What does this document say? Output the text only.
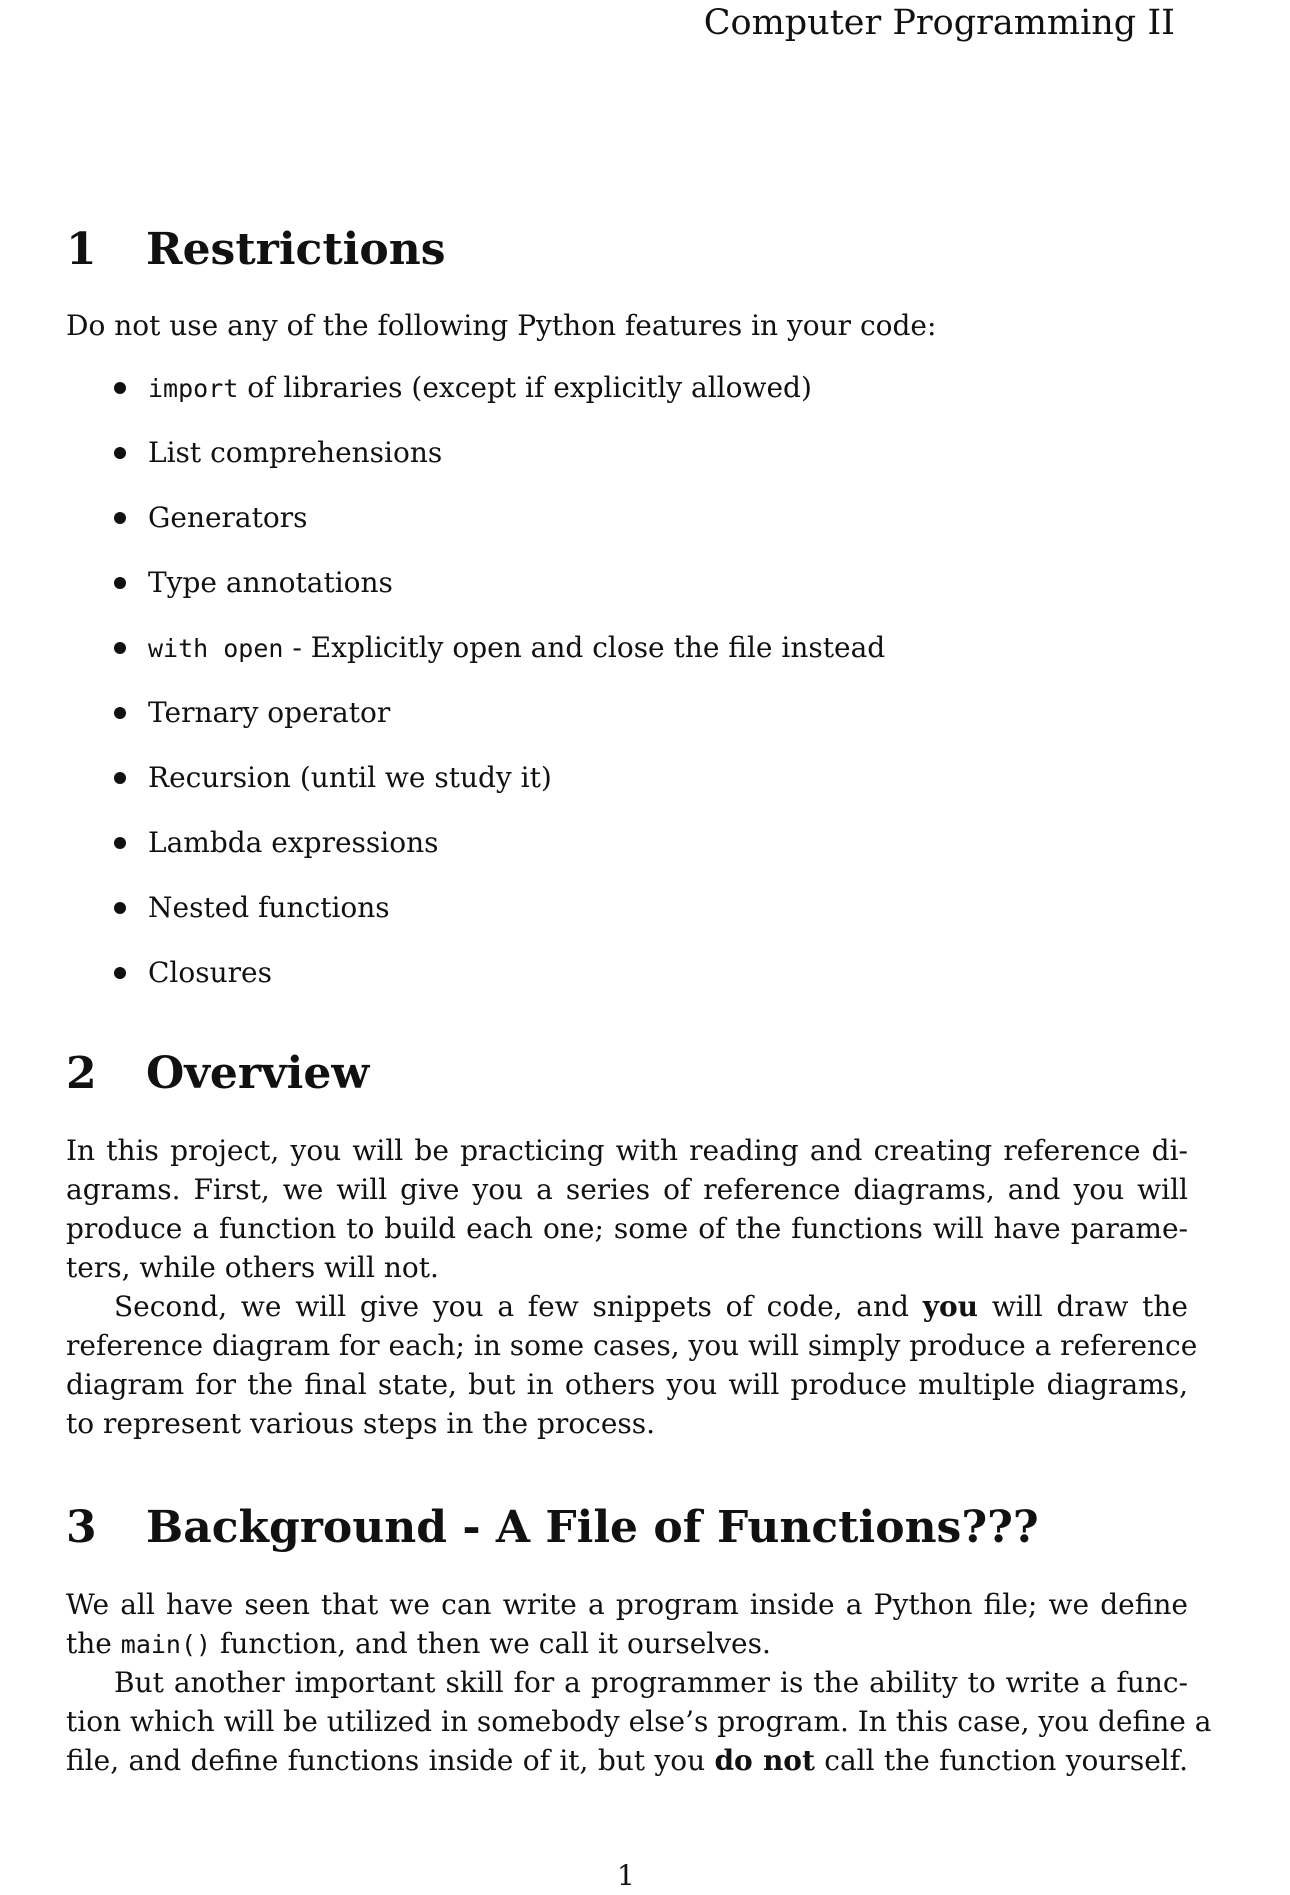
Computer Programming II
1 Restrictions

Do not use any of the following Python features in your code:

import of libraries (except if explicitly allowed)
List comprehensions
Generators
Type annotations
with open - Explicitly open and close the file instead
Ternary operator
Recursion (until we study it)
Lambda expressions
Nested functions
Closures
2 Overview
In this project, you will be practicing with reading and creating reference di-
agrams. First, we will give you a series of reference diagrams, and you will
produce a function to build each one; some of the functions will have parame-
ters, while others will not.
Second, we will give you a few snippets of code, and you will draw the
reference diagram for each; in some cases, you will simply produce a reference
diagram for the final state, but in others you will produce multiple diagrams,
to represent various steps in the process.
3 Background - A File of Functions???
We all have seen that we can write a program inside a Python file; we define
the main() function, and then we call it ourselves.
But another important skill for a programmer is the ability to write a func-
tion which will be utilized in somebody else’s program. In this case, you define a
file, and define functions inside of it, but you do not call the function yourself.
1
